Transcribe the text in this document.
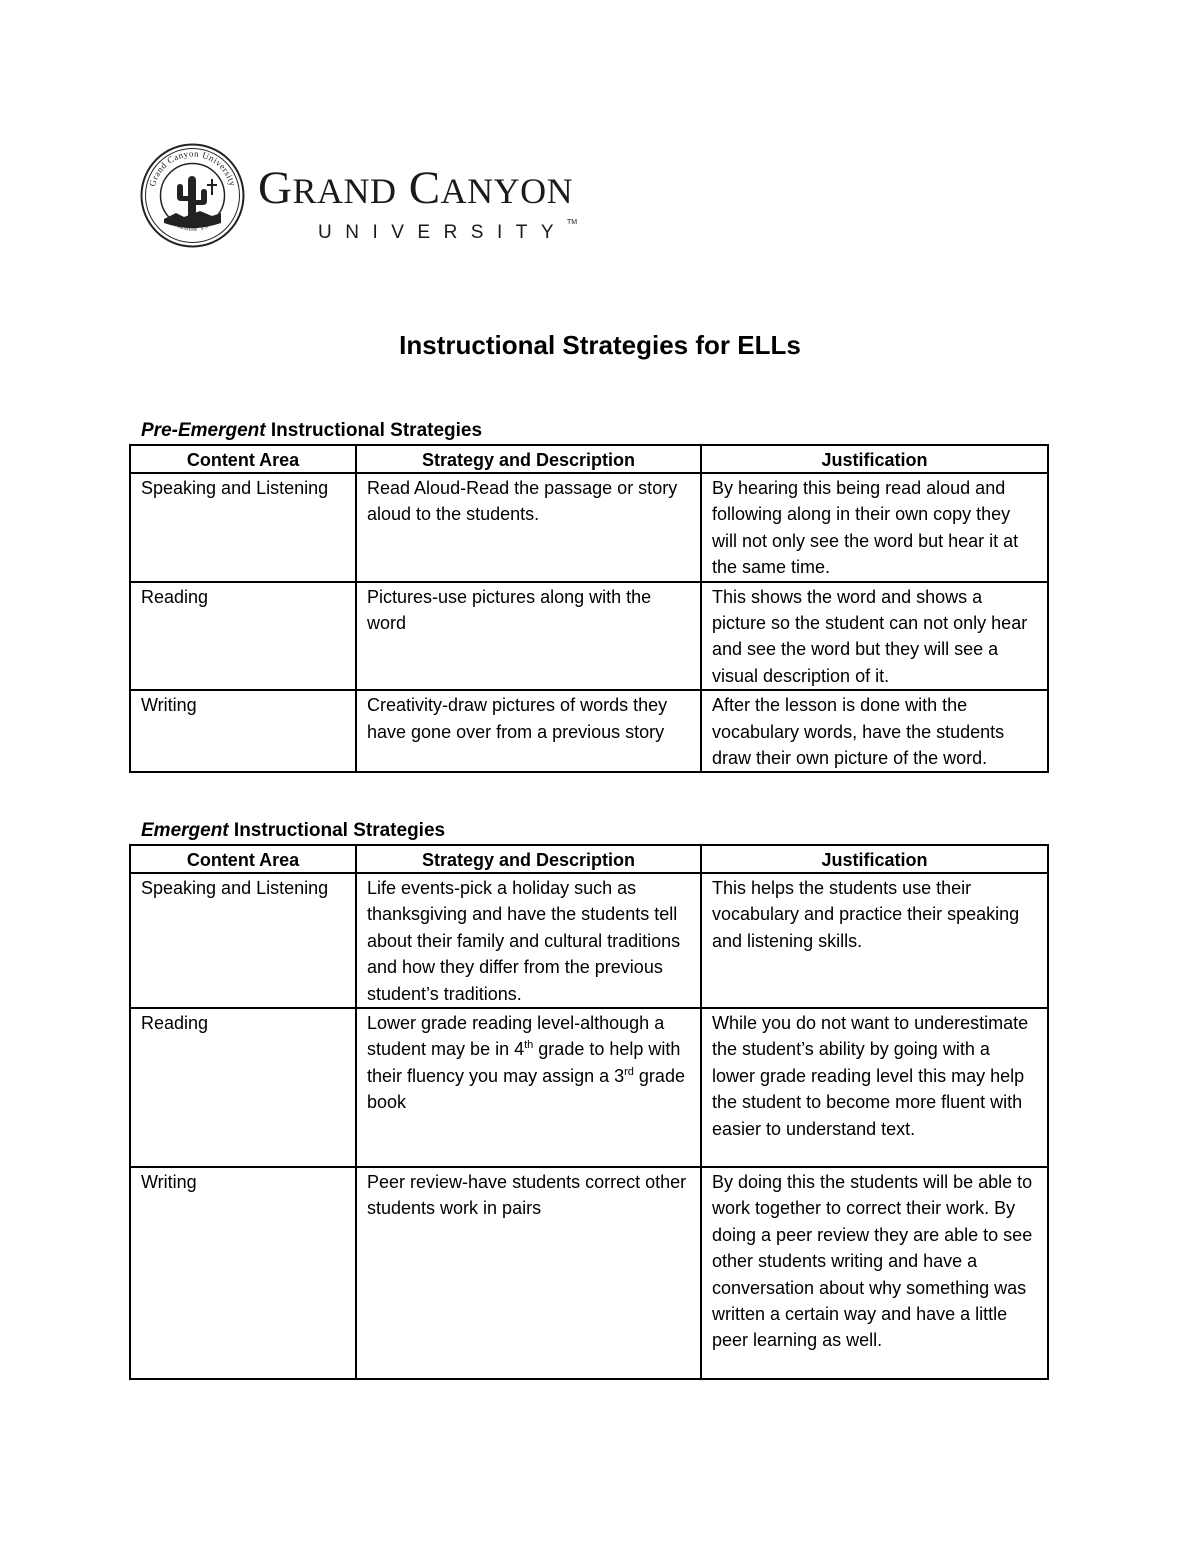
Grand Canyon University GRAND CANYON
UNIVERSITY™
Instructional Strategies for ELLs
Pre-Emergent Instructional Strategies
Content Area	Strategy and Description	Justification
Speaking and Listening	Read Aloud-Read the passage or story aloud to the students.	By hearing this being read aloud and following along in their own copy they will not only see the word but hear it at the same time.
Reading	Pictures-use pictures along with the word	This shows the word and shows a picture so the student can not only hear and see the word but they will see a visual description of it.
Writing	Creativity-draw pictures of words they have gone over from a previous story	After the lesson is done with the vocabulary words, have the students draw their own picture of the word.
Emergent Instructional Strategies
Content Area	Strategy and Description	Justification
Speaking and Listening	Life events-pick a holiday such as thanksgiving and have the students tell about their family and cultural traditions and how they differ from the previous student’s traditions.	This helps the students use their vocabulary and practice their speaking and listening skills.
Reading	Lower grade reading level-although a student may be in 4th grade to help with their fluency you may assign a 3rd grade book	While you do not want to underestimate the student’s ability by going with a lower grade reading level this may help the student to become more fluent with easier to understand text.
Writing	Peer review-have students correct other students work in pairs	By doing this the students will be able to work together to correct their work. By doing a peer review they are able to see other students writing and have a conversation about why something was written a certain way and have a little peer learning as well.
